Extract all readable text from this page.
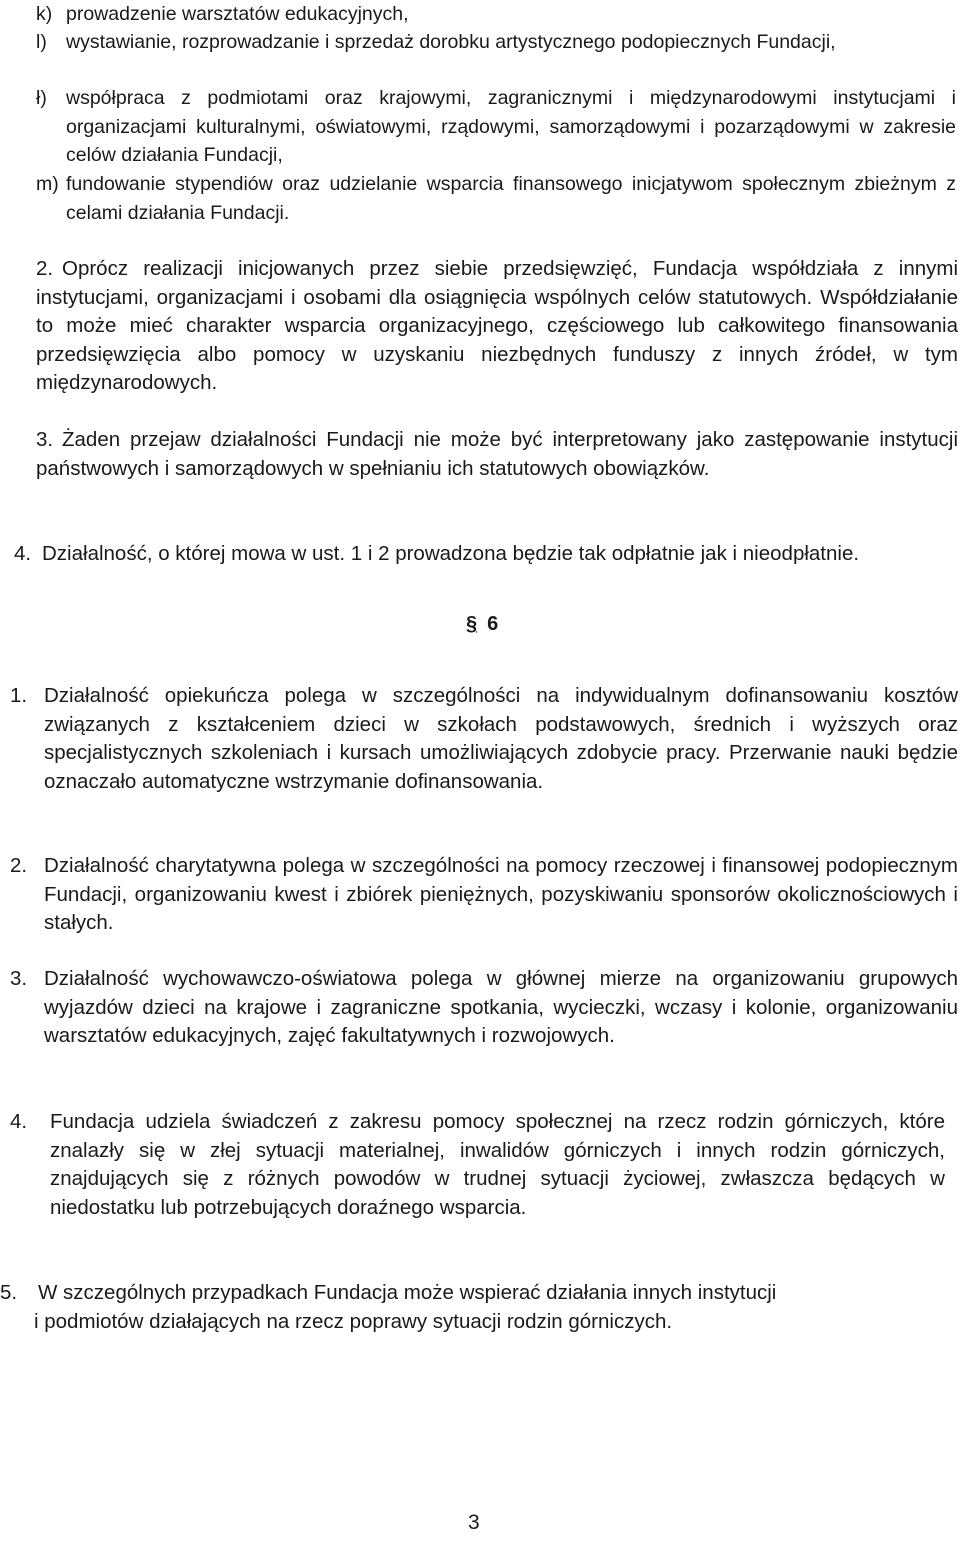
k) prowadzenie warsztatów edukacyjnych,
l) wystawianie, rozprowadzanie i sprzedaż dorobku artystycznego podopiecznych Fundacji,
ł) współpraca z podmiotami oraz krajowymi, zagranicznymi i międzynarodowymi instytucjami i organizacjami kulturalnymi, oświatowymi, rządowymi, samorządowymi i pozarządowymi w zakresie celów działania Fundacji,
m) fundowanie stypendiów oraz udzielanie wsparcia finansowego inicjatywom społecznym zbieżnym z celami działania Fundacji.
2. Oprócz realizacji inicjowanych przez siebie przedsięwzięć, Fundacja współdziała z innymi instytucjami, organizacjami i osobami dla osiągnięcia wspólnych celów statutowych. Współdziałanie to może mieć charakter wsparcia organizacyjnego, częściowego lub całkowitego finansowania przedsięwzięcia albo pomocy w uzyskaniu niezbędnych funduszy z innych źródeł, w tym międzynarodowych.
3. Żaden przejaw działalności Fundacji nie może być interpretowany jako zastępowanie instytucji państwowych i samorządowych w spełnianiu ich statutowych obowiązków.
4. Działalność, o której mowa w ust. 1 i 2 prowadzona będzie tak odpłatnie jak i nieodpłatnie.
§ 6
1. Działalność opiekuńcza polega w szczególności na indywidualnym dofinansowaniu kosztów związanych z kształceniem dzieci w szkołach podstawowych, średnich i wyższych oraz specjalistycznych szkoleniach i kursach umożliwiających zdobycie pracy. Przerwanie nauki będzie oznaczało automatyczne wstrzymanie dofinansowania.
2. Działalność charytatywna polega w szczególności na pomocy rzeczowej i finansowej podopiecznym Fundacji, organizowaniu kwest i zbiórek pieniężnych, pozyskiwaniu sponsorów okolicznościowych i stałych.
3. Działalność wychowawczo-oświatowa polega w głównej mierze na organizowaniu grupowych wyjazdów dzieci na krajowe i zagraniczne spotkania, wycieczki, wczasy i kolonie, organizowaniu warsztatów edukacyjnych, zajęć fakultatywnych i rozwojowych.
4. Fundacja udziela świadczeń z zakresu pomocy społecznej na rzecz rodzin górniczych, które znalazły się w złej sytuacji materialnej, inwalidów górniczych i innych rodzin górniczych, znajdujących się z różnych powodów w trudnej sytuacji życiowej, zwłaszcza będących w niedostatku lub potrzebujących doraźnego wsparcia.
5. W szczególnych przypadkach Fundacja może wspierać działania innych instytucji
i podmiotów działających na rzecz poprawy sytuacji rodzin górniczych.
3
